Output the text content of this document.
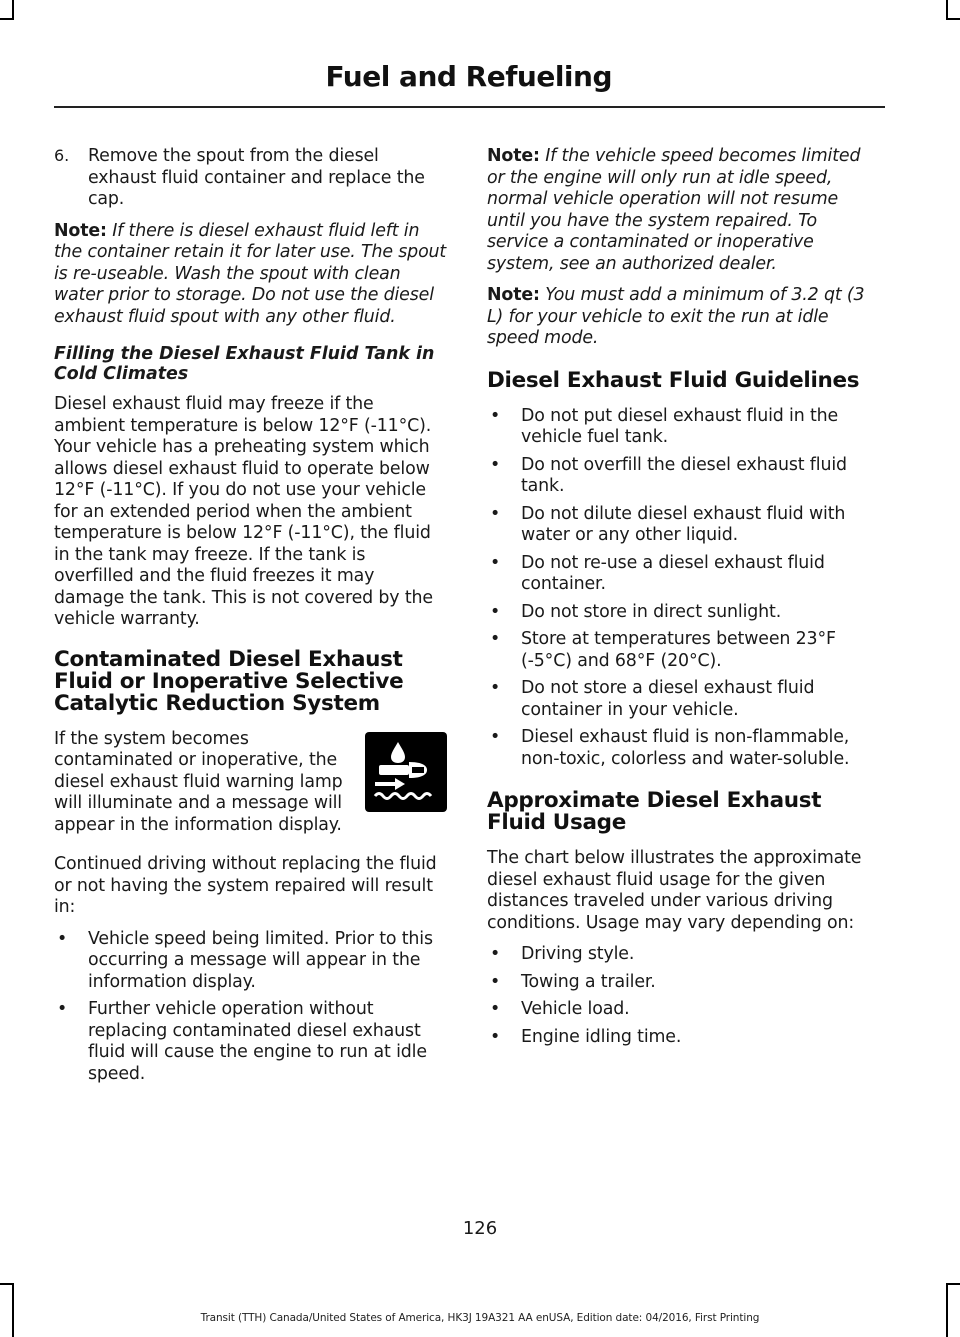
Fuel and Refueling
6.	Remove the spout from the diesel exhaust fluid container and replace the cap.

Note: If there is diesel exhaust fluid left in the container retain it for later use. The spout is re-useable. Wash the spout with clean water prior to storage. Do not use the diesel exhaust fluid spout with any other fluid.

Filling the Diesel Exhaust Fluid Tank in Cold Climates

Diesel exhaust fluid may freeze if the ambient temperature is below 12°F (-11°C). Your vehicle has a preheating system which allows diesel exhaust fluid to operate below 12°F (-11°C). If you do not use your vehicle for an extended period when the ambient temperature is below 12°F (-11°C), the fluid in the tank may freeze. If the tank is overfilled and the fluid freezes it may damage the tank. This is not covered by the vehicle warranty.

Contaminated Diesel Exhaust Fluid or Inoperative Selective Catalytic Reduction System

If the system becomes contaminated or inoperative, the diesel exhaust fluid warning lamp will illuminate and a message will appear in the information display.

Continued driving without replacing the fluid or not having the system repaired will result in:

•	Vehicle speed being limited. Prior to this occurring a message will appear in the information display.
•	Further vehicle operation without replacing contaminated diesel exhaust fluid will cause the engine to run at idle speed.

Note: If the vehicle speed becomes limited or the engine will only run at idle speed, normal vehicle operation will not resume until you have the system repaired. To service a contaminated or inoperative system, see an authorized dealer.

Note: You must add a minimum of 3.2 qt (3 L) for your vehicle to exit the run at idle speed mode.

Diesel Exhaust Fluid Guidelines
•	Do not put diesel exhaust fluid in the vehicle fuel tank.
•	Do not overfill the diesel exhaust fluid tank.
•	Do not dilute diesel exhaust fluid with water or any other liquid.
•	Do not re-use a diesel exhaust fluid container.
•	Do not store in direct sunlight.
•	Store at temperatures between 23°F (-5°C) and 68°F (20°C).
•	Do not store a diesel exhaust fluid container in your vehicle.
•	Diesel exhaust fluid is non-flammable, non-toxic, colorless and water-soluble.
Approximate Diesel Exhaust Fluid Usage

The chart below illustrates the approximate diesel exhaust fluid usage for the given distances traveled under various driving conditions. Usage may vary depending on:

•	Driving style.
•	Towing a trailer.
•	Vehicle load.
•	Engine idling time.
126
Transit (TTH) Canada/United States of America, HK3J 19A321 AA enUSA, Edition date: 04/2016, First Printing
